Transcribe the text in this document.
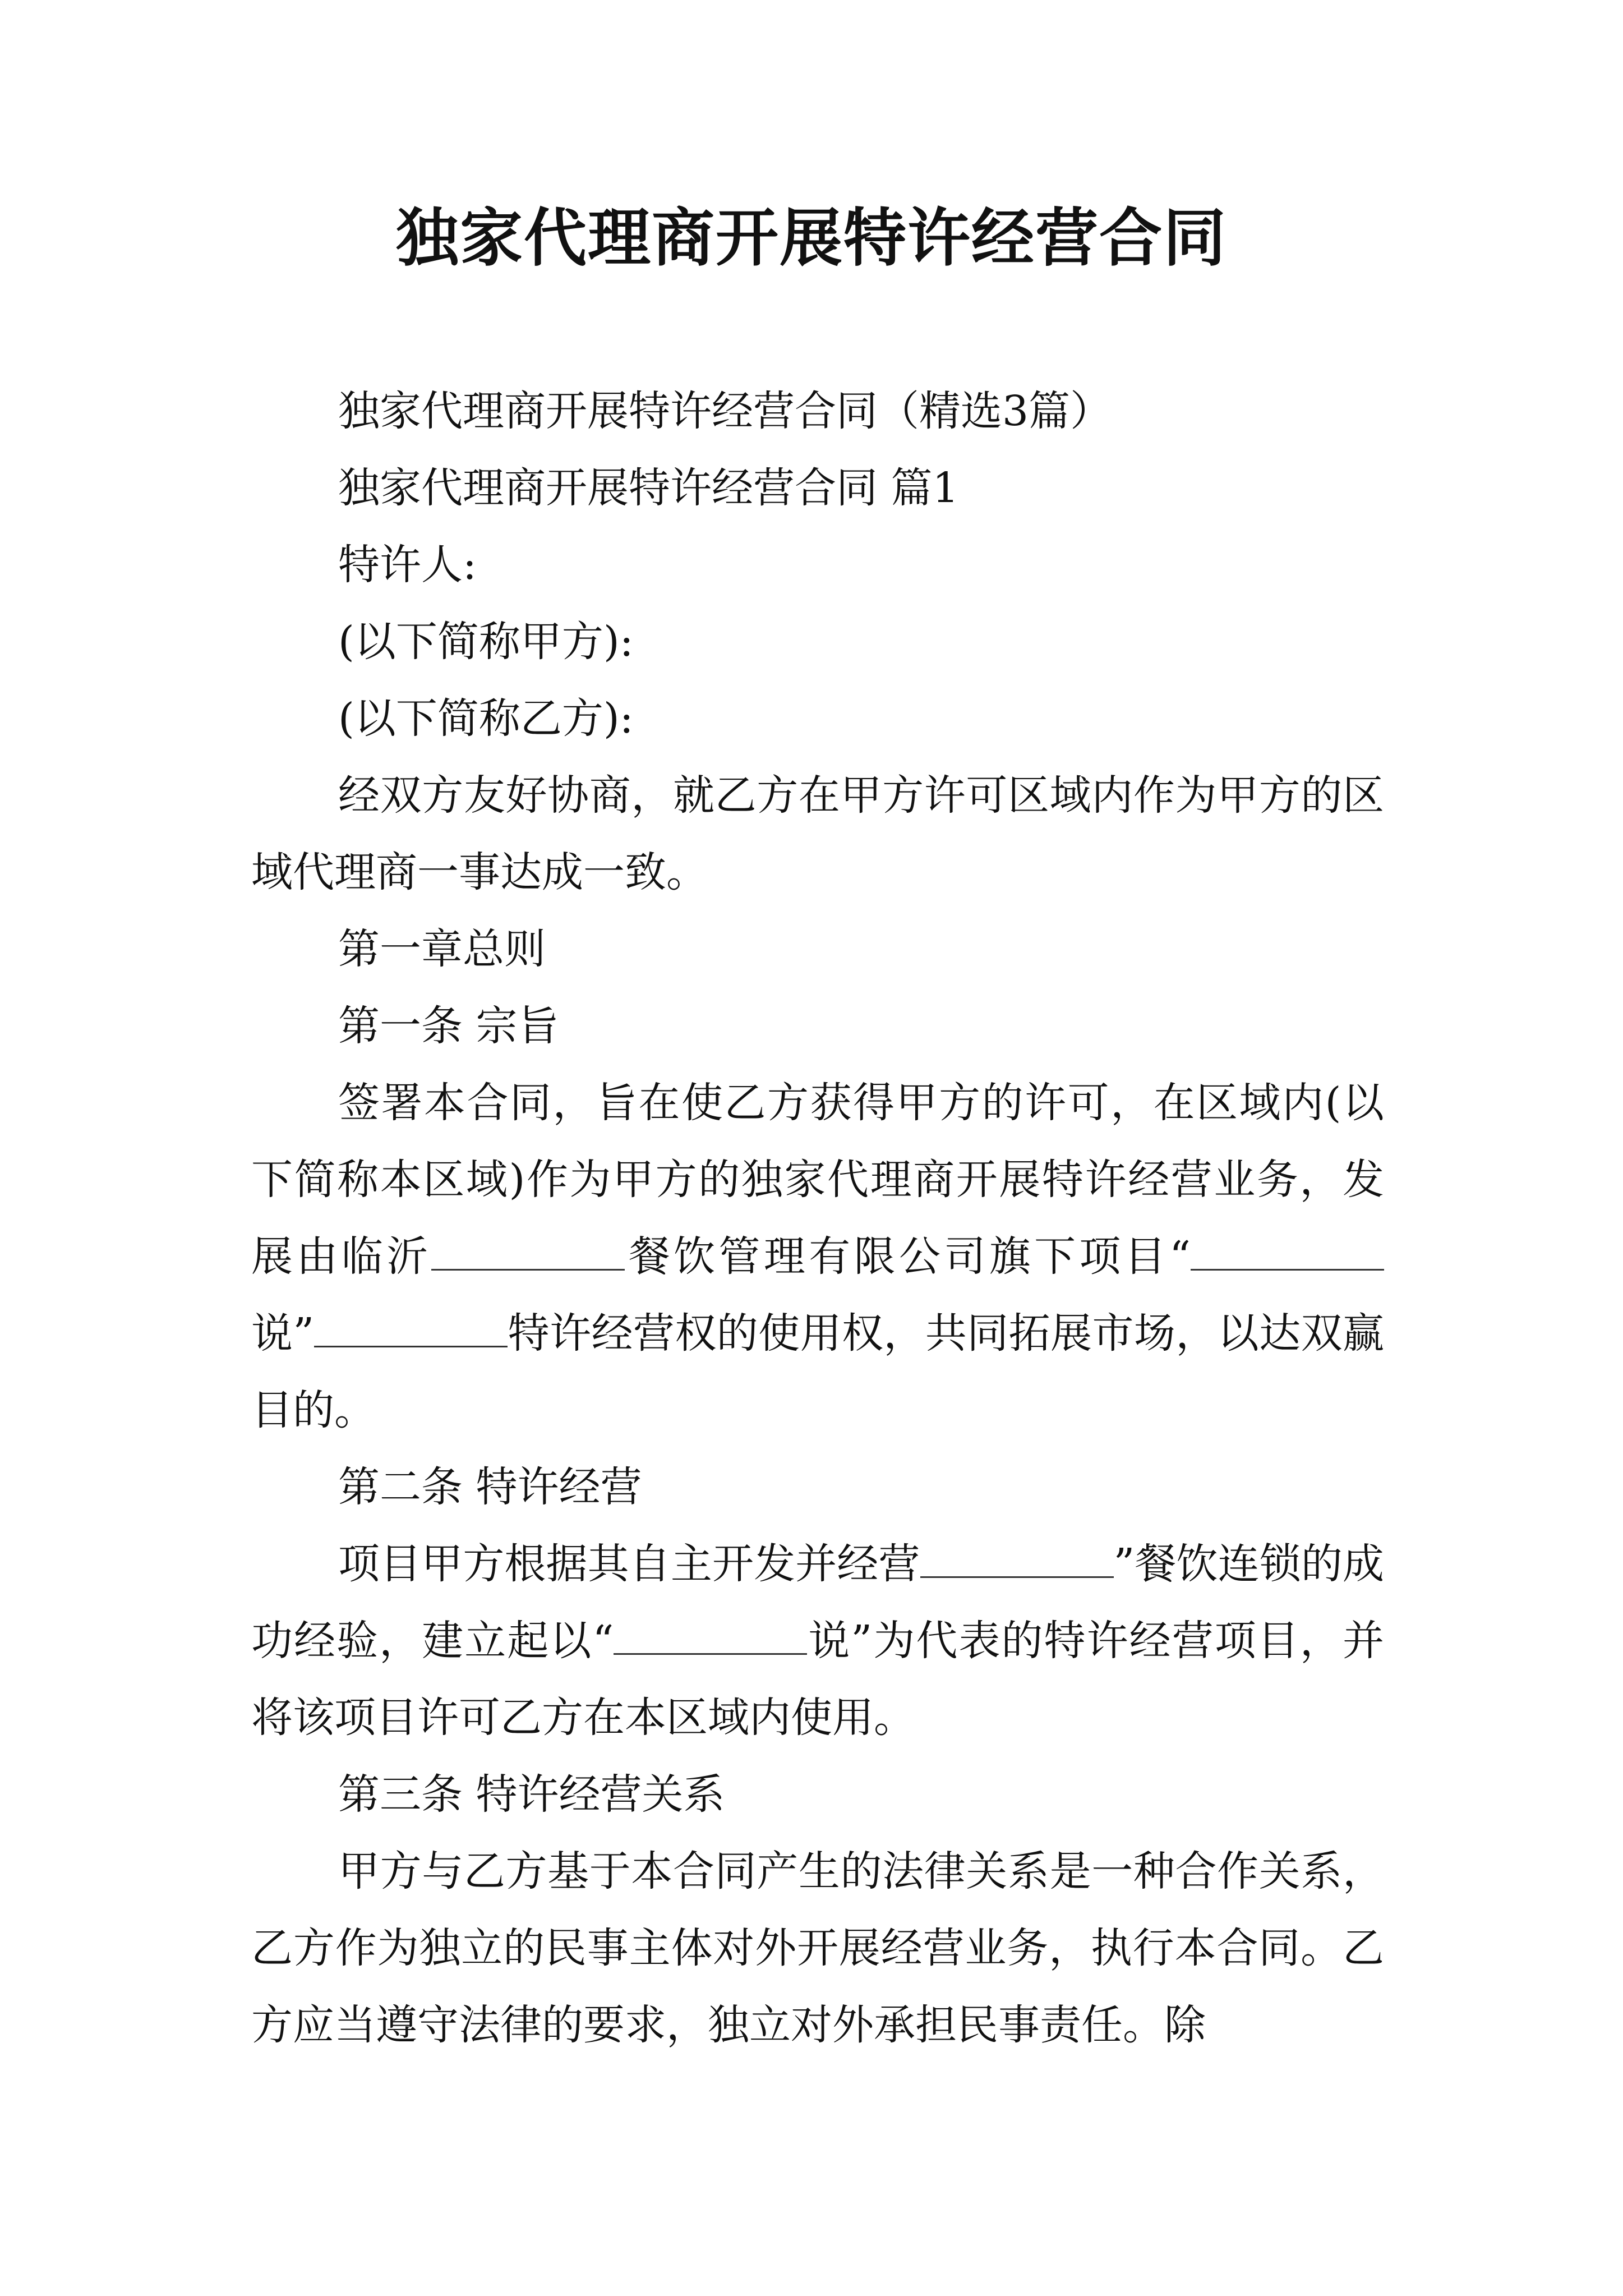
独家代理商开展特许经营合同

独家代理商开展特许经营合同（精选3篇）

独家代理商开展特许经营合同 篇1

特许人:

(以下简称甲方):

(以下简称乙方):

经双方友好协商，就乙方在甲方许可区域内作为甲方的区域代理商一事达成一致。

第一章总则

第一条 宗旨

签署本合同，旨在使乙方获得甲方的许可，在区域内(以下简称本区域)作为甲方的独家代理商开展特许经营业务，发展由临沂	餐饮管理有限公司旗下项目“说”	特许经营权的使用权，共同拓展市场，以达双赢目的。

第二条 特许经营

项目甲方根据其自主开发并经营	”餐饮连锁的成功经验，建立起以“	说”为代表的特许经营项目，并将该项目许可乙方在本区域内使用。

第三条 特许经营关系

甲方与乙方基于本合同产生的法律关系是一种合作关系，乙方作为独立的民事主体对外开展经营业务，执行本合同。乙方应当遵守法律的要求，独立对外承担民事责任。除
